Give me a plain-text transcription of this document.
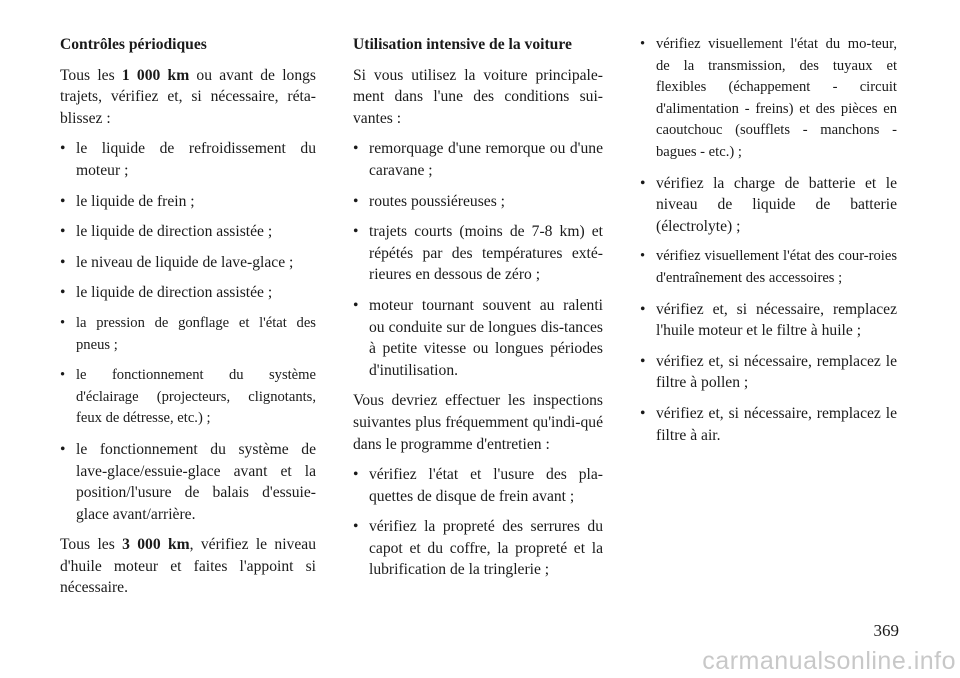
Contrôles périodiques

Tous les 1 000 km ou avant de longs trajets, vérifiez et, si nécessaire, réta-blissez :

• le liquide de refroidissement du moteur ;
• le liquide de frein ;
• le liquide de direction assistée ;
• le niveau de liquide de lave-glace ;
• le liquide de direction assistée ;
• la pression de gonflage et l'état des pneus ;
• le fonctionnement du système d'éclairage (projecteurs, clignotants, feux de détresse, etc.) ;
• le fonctionnement du système de lave-glace/essuie-glace avant et la position/l'usure de balais d'essuie-glace avant/arrière.

Tous les 3 000 km, vérifiez le niveau d'huile moteur et faites l'appoint si nécessaire.

Utilisation intensive de la voiture

Si vous utilisez la voiture principale-ment dans l'une des conditions sui-vantes :

• remorquage d'une remorque ou d'une caravane ;
• routes poussiéreuses ;
• trajets courts (moins de 7-8 km) et répétés par des températures exté-rieures en dessous de zéro ;
• moteur tournant souvent au ralenti ou conduite sur de longues dis-tances à petite vitesse ou longues périodes d'inutilisation.

Vous devriez effectuer les inspections suivantes plus fréquemment qu'indi-qué dans le programme d'entretien :

• vérifiez l'état et l'usure des pla-quettes de disque de frein avant ;
• vérifiez la propreté des serrures du capot et du coffre, la propreté et la lubrification de la tringlerie ;
• vérifiez visuellement l'état du mo-teur, de la transmission, des tuyaux et flexibles (échappement - circuit d'alimentation - freins) et des pièces en caoutchouc (soufflets - manchons - bagues - etc.) ;
• vérifiez la charge de batterie et le niveau de liquide de batterie (électrolyte) ;
• vérifiez visuellement l'état des cour-roies d'entraînement des accessoires ;
• vérifiez et, si nécessaire, remplacez l'huile moteur et le filtre à huile ;
• vérifiez et, si nécessaire, remplacez le filtre à pollen ;
• vérifiez et, si nécessaire, remplacez le filtre à air.
369
carmanualsonline.info
